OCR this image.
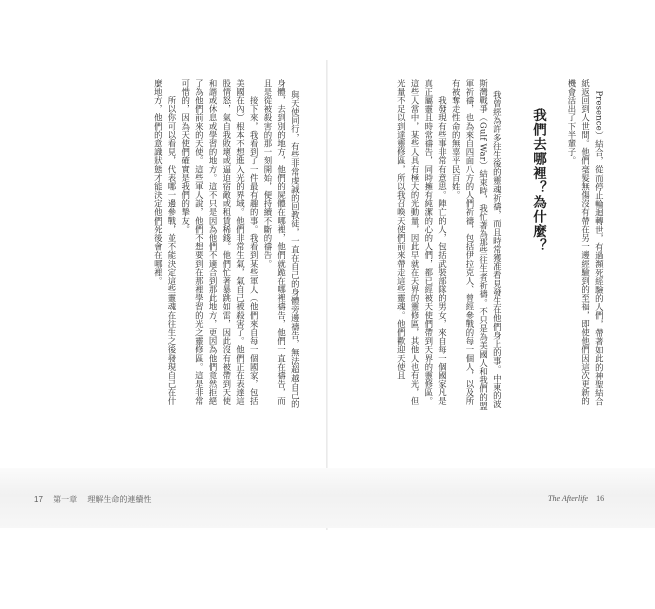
Presence）結合，從而停止輪迴轉世，有過瀕死經驗的人們，帶著如此的神聖結合紙返回到人世間。他們毫髮無傷沒有帶在另一邊經驗到的至福，即使他們因這次更新的機會活出了下半輩子。

我們去哪裡？為什麼？

我曾經為許多往生後的靈魂祈禱，而且時常獲准看見發生在他們身上的事。中東的波斯灣戰爭（Gulf War）結束時，我忙著為那些往生者祈禱。不只是為美國人和我們的盟軍祈禱，也為來自四面八方的人們祈禱，包括伊拉克人、曾經參戰的每一個人，以及所有被奪走性命的無辜平民百姓。
　　我發現有些事非常有意思。陣亡的人，包括武裝部隊的男女，來自每一個國家凡是真正屬靈且時常禱告，同時擁有純潔的心的人們，都已經被天使們帶到天界的靈修區。這些人當中，某些人具有極大的光動量，因此早就在天界的靈修區，其他人也有光，但光量不足以到達靈修區，所以我召喚天使們前來帶走這些靈魂。他們歡迎天使且

與天使同行，有些非常虔誠的回教徒，一直在自己的身體旁邊禱告，無法超越自己的身體，去到別的地方，他們的屍體在哪裡，他們就跪在哪裡禱告，他們一直在禱告，而且是從被殺害的那一刻開始，便持續不斷的禱告。
　　接下來，我看到了一件最有趣的事。我看到某些軍人（他們來自每一個國家，包括美國在內）根本不想進入光的界域。他們非常生氣，氣自己被殺害了。他們正在表達這股情怒，氣自我敗壞或逼迫宿敵或租賃稀錢。他們忙著暴跳如雷，因此沒有被帶到天使和諧或休息或學習的地方。這不只是因為他們不適合到那此地方，更因為他們竟然拒絕了為他們前來的天使。這些軍人說，他們不想要到在那裡學習的光之靈修區。這是非常可惜的，因為天使們確實是我們的摯友。
　　所以你可以看見，代表哪一邊參戰，並不能決定這些靈魂在往生之後發現自己在什麼地方，他們的意識狀態才能決定他們死後會在哪裡。

17 第一章 理解生命的連續性	The Afterlife 16
